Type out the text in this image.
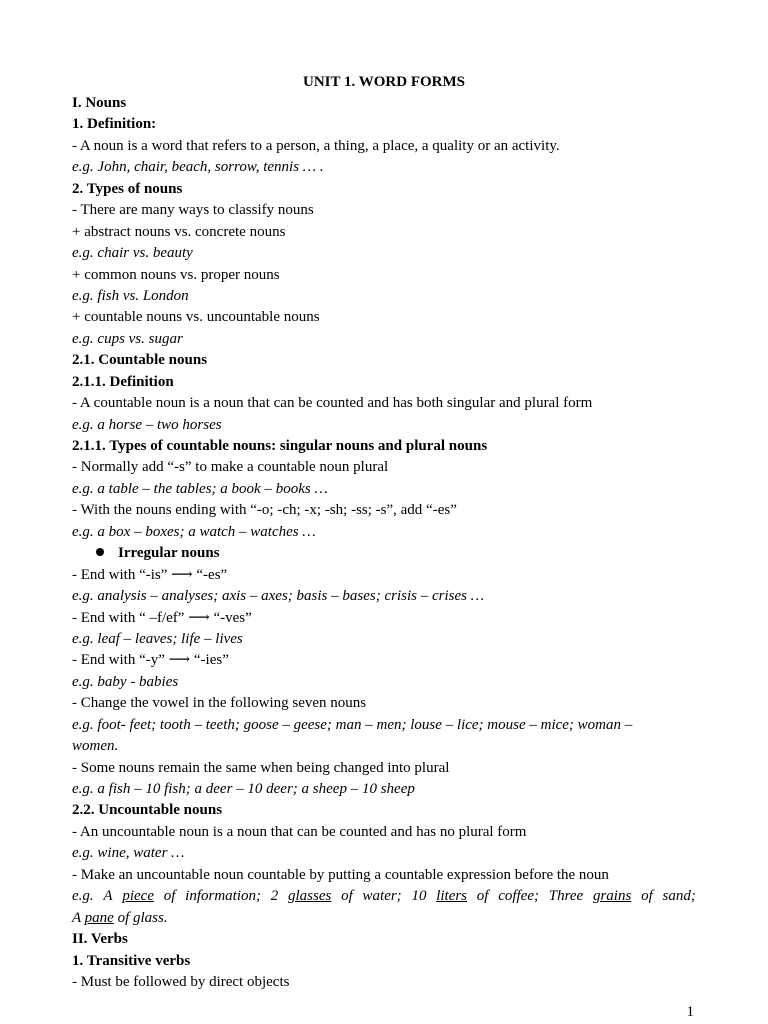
UNIT 1. WORD FORMS
I. Nouns
1. Definition:
- A noun is a word that refers to a person, a thing, a place, a quality or an activity.
e.g. John, chair, beach, sorrow, tennis … .
2. Types of nouns
- There are many ways to classify nouns
+ abstract nouns vs. concrete nouns
e.g. chair vs. beauty
+ common nouns vs. proper nouns
e.g. fish vs. London
+ countable nouns vs. uncountable nouns
e.g. cups vs. sugar
2.1. Countable nouns
2.1.1. Definition
- A countable noun is a noun that can be counted and has both singular and plural form
e.g. a horse – two horses
2.1.1. Types of countable nouns: singular nouns and plural nouns
- Normally add “-s” to make a countable noun plural
e.g. a table – the tables; a book – books …
- With the nouns ending with “-o; -ch; -x; -sh; -ss; -s”, add “-es”
e.g. a box – boxes; a watch – watches …
Irregular nouns
- End with “-is” ⟶ “-es”
e.g. analysis – analyses; axis – axes; basis – bases; crisis – crises …
- End with “ –f/ef” ⟶ “-ves”
e.g. leaf – leaves; life – lives
- End with “-y” ⟶ “-ies”
e.g. baby - babies
- Change the vowel in the following seven nouns
e.g. foot- feet; tooth – teeth; goose – geese; man – men; louse – lice; mouse – mice; woman –
women.
- Some nouns remain the same when being changed into plural
e.g. a fish – 10 fish; a deer – 10 deer; a sheep – 10 sheep
2.2. Uncountable nouns
- An uncountable noun is a noun that can be counted and has no plural form
e.g. wine, water …
- Make an uncountable noun countable by putting a countable expression before the noun
e.g. A piece of information; 2 glasses of water; 10 liters of coffee; Three grains of sand;
A pane of glass.
II. Verbs
1. Transitive verbs
- Must be followed by direct objects
1
